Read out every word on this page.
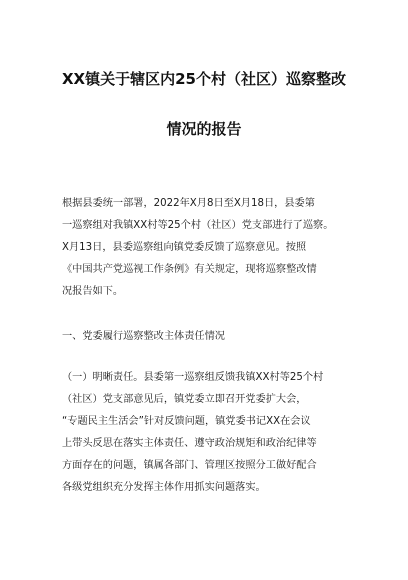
XX镇关于辖区内25个村（社区）巡察整改
情况的报告
根据县委统一部署，2022年X月8日至X月18日，县委第
一巡察组对我镇XX村等25个村（社区）党支部进行了巡察。
X月13日，县委巡察组向镇党委反馈了巡察意见。按照
《中国共产党巡视工作条例》有关规定，现将巡察整改情
况报告如下。
一、党委履行巡察整改主体责任情况
（一）明晰责任。县委第一巡察组反馈我镇XX村等25个村
（社区）党支部意见后，镇党委立即召开党委扩大会，
“专题民主生活会”针对反馈问题，镇党委书记XX在会议
上带头反思在落实主体责任、遵守政治规矩和政治纪律等
方面存在的问题，镇属各部门、管理区按照分工做好配合
各级党组织充分发挥主体作用抓实问题落实。
